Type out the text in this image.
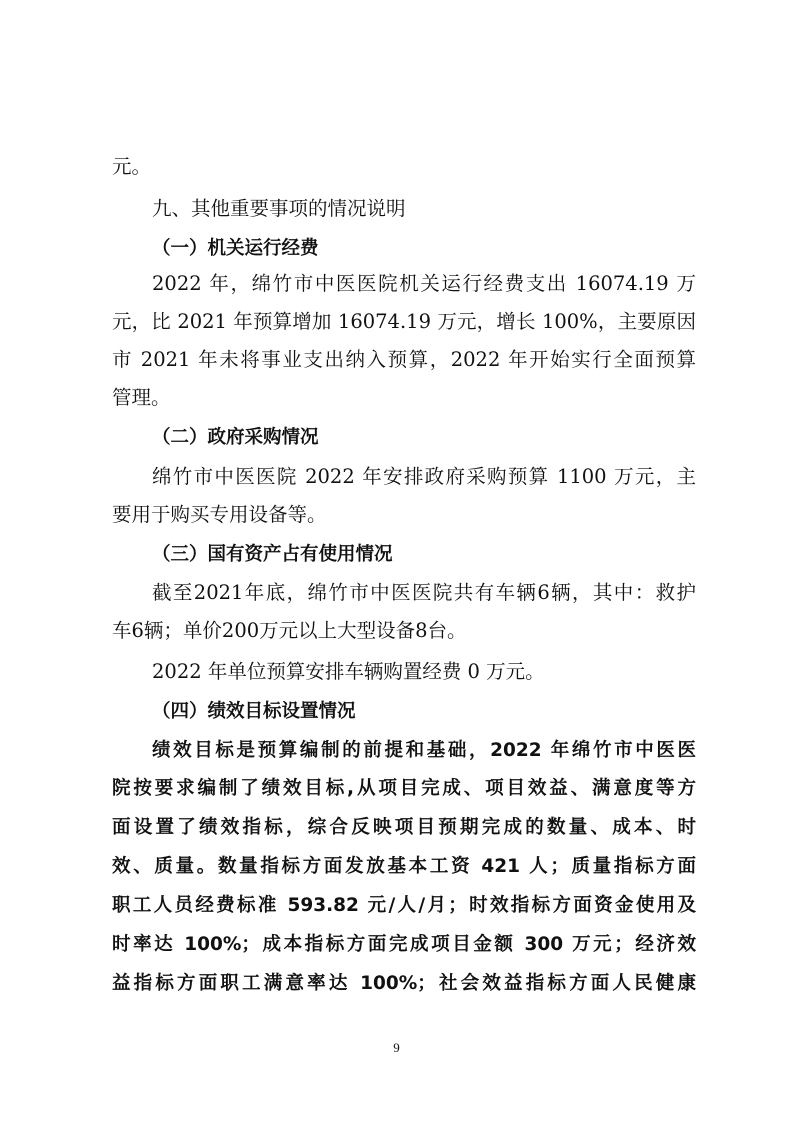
元。
九、其他重要事项的情况说明
（一）机关运行经费
2022 年，绵竹市中医医院机关运行经费支出 16074.19 万
元，比 2021 年预算增加 16074.19 万元，增长 100%，主要原因
市 2021 年未将事业支出纳入预算，2022 年开始实行全面预算
管理。
（二）政府采购情况
绵竹市中医医院 2022 年安排政府采购预算 1100 万元，主
要用于购买专用设备等。
（三）国有资产占有使用情况
截至2021年底，绵竹市中医医院共有车辆6辆，其中：救护
车6辆；单价200万元以上大型设备8台。
2022 年单位预算安排车辆购置经费 0 万元。
（四）绩效目标设置情况
绩效目标是预算编制的前提和基础，2022 年绵竹市中医医
院按要求编制了绩效目标,从项目完成、项目效益、满意度等方
面设置了绩效指标，综合反映项目预期完成的数量、成本、时
效、质量。数量指标方面发放基本工资 421 人；质量指标方面
职工人员经费标准 593.82 元/人/月；时效指标方面资金使用及
时率达 100%；成本指标方面完成项目金额 300 万元；经济效
益指标方面职工满意率达 100%；社会效益指标方面人民健康
9
